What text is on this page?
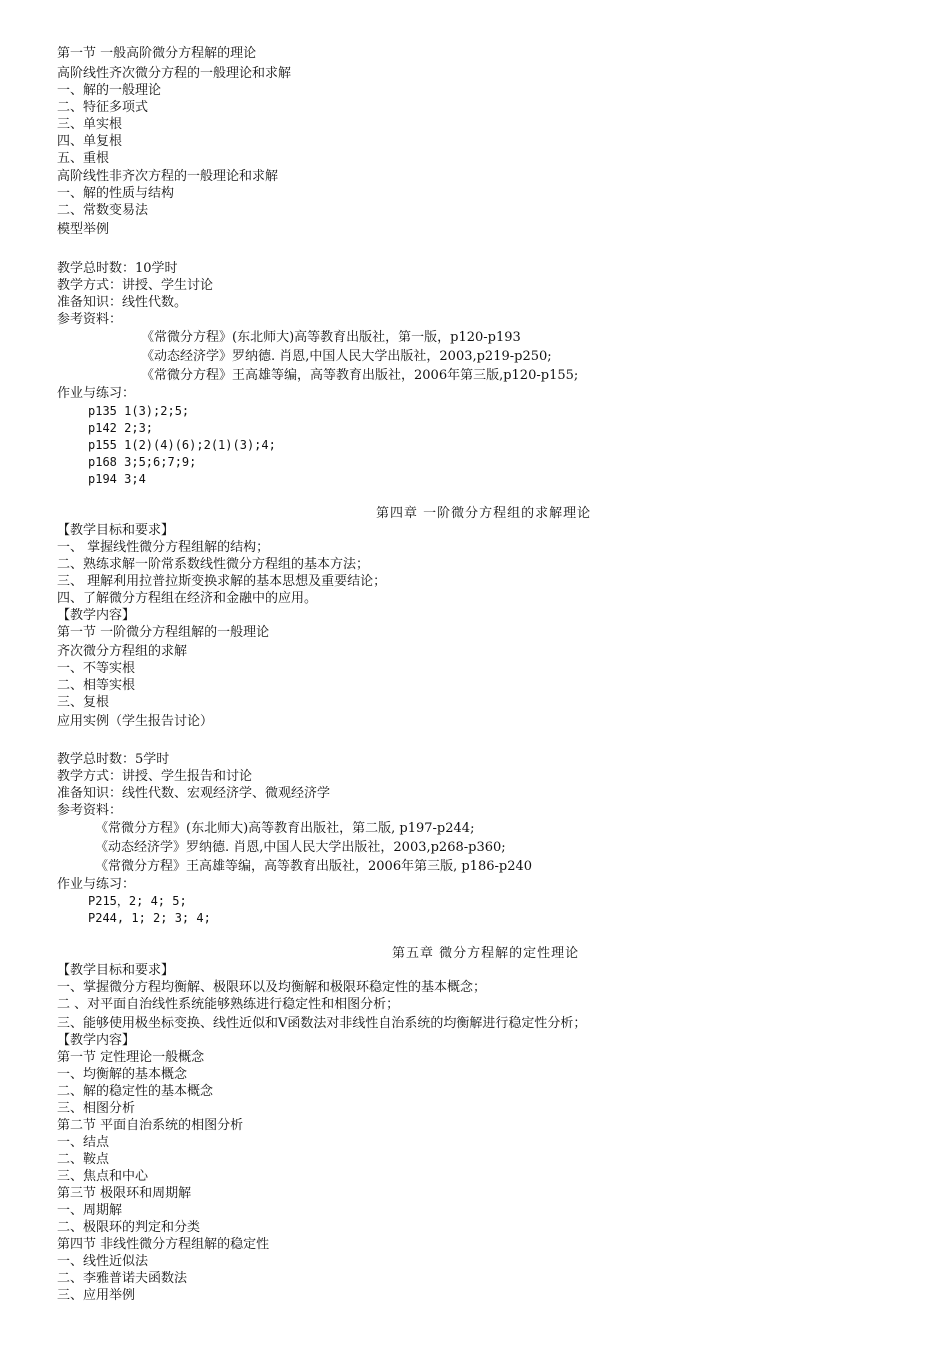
第一节 一般高阶微分方程解的理论
高阶线性齐次微分方程的一般理论和求解
一、解的一般理论
二、特征多项式
三、单实根
四、单复根
五、重根
高阶线性非齐次方程的一般理论和求解
一、解的性质与结构
二、常数变易法
模型举例
教学总时数：10学时
教学方式：讲授、学生讨论
准备知识：线性代数。
参考资料：
《常微分方程》(东北师大)高等教育出版社，第一版，p120-p193
《动态经济学》罗纳德. 肖恩,中国人民大学出版社，2003,p219-p250;
《常微分方程》王高雄等编，高等教育出版社，2006年第三版,p120-p155;
作业与练习：
p135 1(3);2;5;
p142 2;3;
p155 1(2)(4)(6);2(1)(3);4;
p168 3;5;6;7;9;
p194 3;4
第四章 一阶微分方程组的求解理论
【教学目标和要求】
一、 掌握线性微分方程组解的结构；
二、熟练求解一阶常系数线性微分方程组的基本方法；
三、 理解利用拉普拉斯变换求解的基本思想及重要结论；
四、了解微分方程组在经济和金融中的应用。
【教学内容】
第一节 一阶微分方程组解的一般理论
齐次微分方程组的求解
一、不等实根
二、相等实根
三、复根
应用实例（学生报告讨论）
教学总时数：5学时
教学方式：讲授、学生报告和讨论
准备知识：线性代数、宏观经济学、微观经济学
参考资料：
《常微分方程》(东北师大)高等教育出版社，第二版, p197-p244;
《动态经济学》罗纳德. 肖恩,中国人民大学出版社，2003,p268-p360;
《常微分方程》王高雄等编，高等教育出版社，2006年第三版, p186-p240
作业与练习：
P215，2; 4; 5;
P244, 1; 2; 3; 4;
第五章 微分方程解的定性理论
【教学目标和要求】
一、掌握微分方程均衡解、极限环以及均衡解和极限环稳定性的基本概念；
二 、对平面自治线性系统能够熟练进行稳定性和相图分析；
三、能够使用极坐标变换、线性近似和V函数法对非线性自治系统的均衡解进行稳定性分析；
【教学内容】
第一节 定性理论一般概念
一、均衡解的基本概念
二、解的稳定性的基本概念
三、相图分析
第二节 平面自治系统的相图分析
一、结点
二、鞍点
三、焦点和中心
第三节 极限环和周期解
一、周期解
二、极限环的判定和分类
第四节 非线性微分方程组解的稳定性
一、线性近似法
二、李雅普诺夫函数法
三、应用举例
